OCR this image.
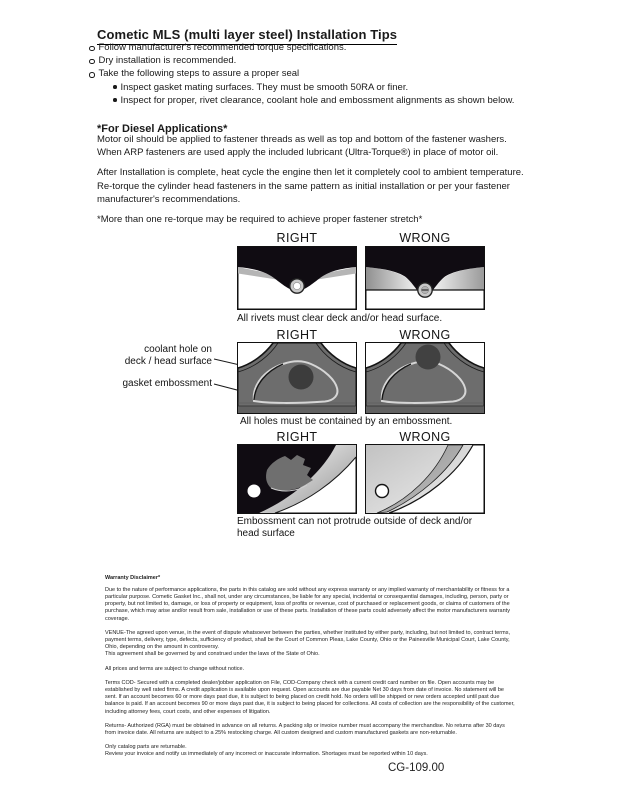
Cometic MLS (multi layer steel) Installation Tips
Follow manufacturer's recommended torque specifications.
Dry installation is recommended.
Take the following steps to assure a proper seal
Inspect gasket mating surfaces. They must be smooth 50RA or finer.
Inspect for proper, rivet clearance, coolant hole and embossment alignments as shown below.
*For Diesel Applications*

Motor oil should be applied to fastener threads as well as top and bottom of the fastener washers. When ARP fasteners are used apply the included lubricant (Ultra-Torque®) in place of motor oil.

After Installation is complete, heat cycle the engine then let it completely cool to ambient temperature. Re-torque the cylinder head fasteners in the same pattern as initial installation or per your fastener manufacturer's recommendations.

*More than one re-torque may be required to achieve proper fastener stretch*

RIGHT	WRONG
All rivets must clear deck and/or head surface.
coolant hole on
deck / head surface
gasket embossment
RIGHT	WRONG
All holes must be contained by an embossment.
RIGHT	WRONG
Embossment can not protrude outside of deck and/or head surface
Warranty Disclaimer*

Due to the nature of performance applications, the parts in this catalog are sold without any express warranty or any implied warranty of merchantability or fitness for a particular purpose. Cometic Gasket Inc., shall not, under any circumstances, be liable for any special, incidental or consequential damages, including, person, party or property, but not limited to, damage, or loss of property or equipment, loss of profits or revenue, cost of purchased or replacement goods, or claims of customers of the purchase, which may arise and/or result from sale, installation or use of these parts. Installation of these parts could adversely affect the motor manufacturers warranty coverage.

VENUE-The agreed upon venue, in the event of dispute whatsoever between the parties, whether instituted by either party, including, but not limited to, contract terms, payment terms, delivery, type, defects, sufficiency of product, shall be the Court of Common Pleas, Lake County, Ohio or the Painesville Municipal Court, Lake County, Ohio, depending on the amount in controversy.

This agreement shall be governed by and construed under the laws of the State of Ohio.

All prices and terms are subject to change without notice.

Terms COD- Secured with a completed dealer/jobber application on File, COD-Company check with a current credit card number on file. Open accounts may be established by well rated firms. A credit application is available upon request. Open accounts are due payable Net 30 days from date of invoice. No statement will be sent. If an account becomes 60 or more days past due, it is subject to being placed on credit hold. No orders will be shipped or new orders accepted until past due balance is paid. If an account becomes 90 or more days past due, it is subject to being placed for collections. All costs of collection are the responsibility of the customer, including attorney fees, court costs, and other expenses of litigation.

Returns- Authorized (RGA) must be obtained in advance on all returns. A packing slip or invoice number must accompany the merchandise. No returns after 30 days from invoice date. All returns are subject to a 25% restocking charge. All custom designed and custom manufactured gaskets are non-returnable.

Only catalog parts are returnable.

Review your invoice and notify us immediately of any incorrect or inaccurate information. Shortages must be reported within 10 days.

CG-109.00
